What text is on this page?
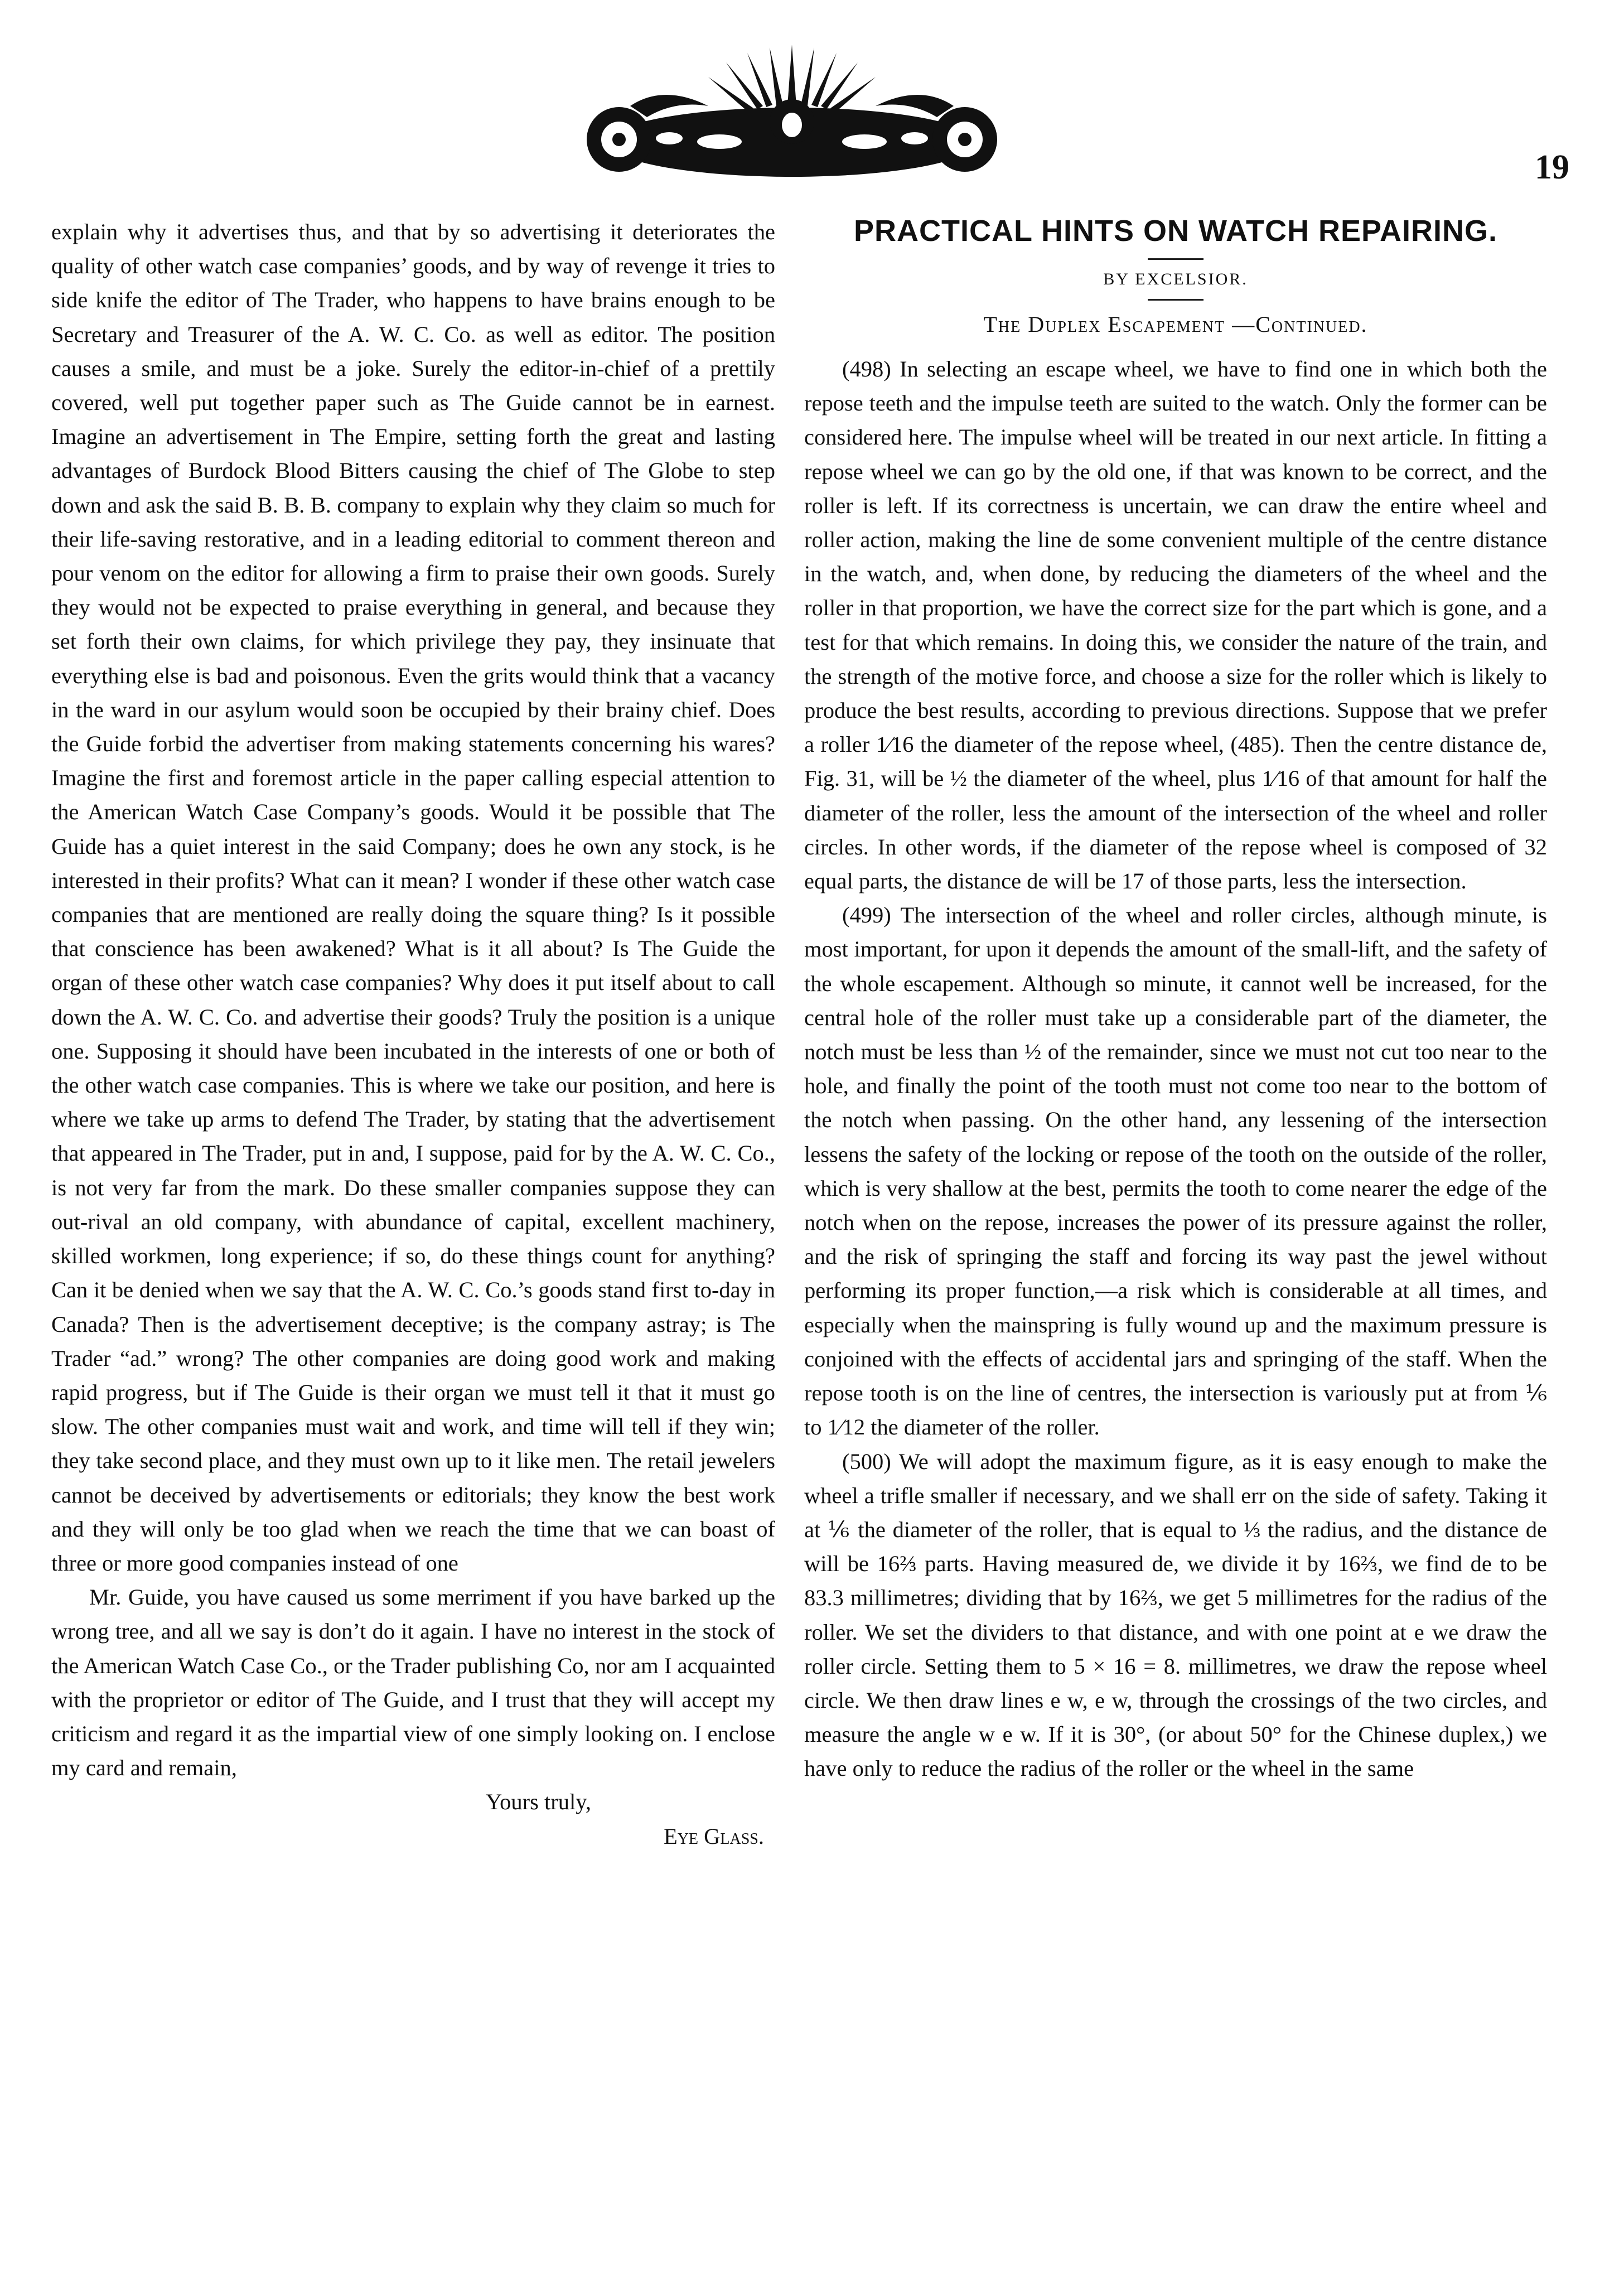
19

explain why it advertises thus, and that by so advertising it deteriorates the quality of other watch case companies’ goods, and by way of revenge it tries to side knife the editor of The Trader, who happens to have brains enough to be Secretary and Treasurer of the A. W. C. Co. as well as editor. The position causes a smile, and must be a joke. Surely the editor-in-chief of a prettily covered, well put together paper such as The Guide cannot be in earnest. Imagine an advertisement in The Empire, setting forth the great and lasting advantages of Burdock Blood Bitters causing the chief of The Globe to step down and ask the said B. B. B. company to explain why they claim so much for their life-saving restorative, and in a leading editorial to comment thereon and pour venom on the editor for allowing a firm to praise their own goods. Surely they would not be expected to praise everything in general, and because they set forth their own claims, for which privilege they pay, they insinuate that everything else is bad and poisonous. Even the grits would think that a vacancy in the ward in our asylum would soon be occupied by their brainy chief. Does the Guide forbid the advertiser from making statements concerning his wares? Imagine the first and foremost article in the paper calling especial attention to the American Watch Case Company’s goods. Would it be possible that The Guide has a quiet interest in the said Company; does he own any stock, is he interested in their profits? What can it mean? I wonder if these other watch case companies that are mentioned are really doing the square thing? Is it possible that conscience has been awakened? What is it all about? Is The Guide the organ of these other watch case companies? Why does it put itself about to call down the A. W. C. Co. and advertise their goods? Truly the position is a unique one. Supposing it should have been incubated in the interests of one or both of the other watch case companies. This is where we take our position, and here is where we take up arms to defend The Trader, by stating that the advertisement that appeared in The Trader, put in and, I suppose, paid for by the A. W. C. Co., is not very far from the mark. Do these smaller companies suppose they can out-rival an old company, with abundance of capital, excellent machinery, skilled workmen, long experience; if so, do these things count for anything? Can it be denied when we say that the A. W. C. Co.’s goods stand first to-day in Canada? Then is the advertisement deceptive; is the company astray; is The Trader “ad.” wrong? The other companies are doing good work and making rapid progress, but if The Guide is their organ we must tell it that it must go slow. The other companies must wait and work, and time will tell if they win; they take second place, and they must own up to it like men. The retail jewelers cannot be deceived by advertisements or editorials; they know the best work and they will only be too glad when we reach the time that we can boast of three or more good companies instead of one

Mr. Guide, you have caused us some merriment if you have barked up the wrong tree, and all we say is don’t do it again. I have no interest in the stock of the American Watch Case Co., or the Trader publishing Co, nor am I acquainted with the proprietor or editor of The Guide, and I trust that they will accept my criticism and regard it as the impartial view of one simply looking on. I enclose my card and remain,

Yours truly,

Eye Glass.

PRACTICAL HINTS ON WATCH REPAIRING.
BY EXCELSIOR.
The Duplex Escapement —Continued.

(498) In selecting an escape wheel, we have to find one in which both the repose teeth and the impulse teeth are suited to the watch. Only the former can be considered here. The impulse wheel will be treated in our next article. In fitting a repose wheel we can go by the old one, if that was known to be correct, and the roller is left. If its correctness is uncertain, we can draw the entire wheel and roller action, making the line de some convenient multiple of the centre distance in the watch, and, when done, by reducing the diameters of the wheel and the roller in that proportion, we have the correct size for the part which is gone, and a test for that which remains. In doing this, we consider the nature of the train, and the strength of the motive force, and choose a size for the roller which is likely to produce the best results, according to previous directions. Suppose that we prefer a roller 1⁄16 the diameter of the repose wheel, (485). Then the centre distance de, Fig. 31, will be ½ the diameter of the wheel, plus 1⁄16 of that amount for half the diameter of the roller, less the amount of the intersection of the wheel and roller circles. In other words, if the diameter of the repose wheel is composed of 32 equal parts, the distance de will be 17 of those parts, less the intersection.

(499) The intersection of the wheel and roller circles, although minute, is most important, for upon it depends the amount of the small-lift, and the safety of the whole escapement. Although so minute, it cannot well be increased, for the central hole of the roller must take up a considerable part of the diameter, the notch must be less than ½ of the remainder, since we must not cut too near to the hole, and finally the point of the tooth must not come too near to the bottom of the notch when passing. On the other hand, any lessening of the intersection lessens the safety of the locking or repose of the tooth on the outside of the roller, which is very shallow at the best, permits the tooth to come nearer the edge of the notch when on the repose, increases the power of its pressure against the roller, and the risk of springing the staff and forcing its way past the jewel without performing its proper function,—a risk which is considerable at all times, and especially when the mainspring is fully wound up and the maximum pressure is conjoined with the effects of accidental jars and springing of the staff. When the repose tooth is on the line of centres, the intersection is variously put at from ⅙ to 1⁄12 the diameter of the roller.

(500) We will adopt the maximum figure, as it is easy enough to make the wheel a trifle smaller if necessary, and we shall err on the side of safety. Taking it at ⅙ the diameter of the roller, that is equal to ⅓ the radius, and the distance de will be 16⅔ parts. Having measured de, we divide it by 16⅔, we find de to be 83.3 millimetres; dividing that by 16⅔, we get 5 millimetres for the radius of the roller. We set the dividers to that distance, and with one point at e we draw the roller circle. Setting them to 5 × 16 = 8. millimetres, we draw the repose wheel circle. We then draw lines e w, e w, through the crossings of the two circles, and measure the angle w e w. If it is 30°, (or about 50° for the Chinese duplex,) we have only to reduce the radius of the roller or the wheel in the same
